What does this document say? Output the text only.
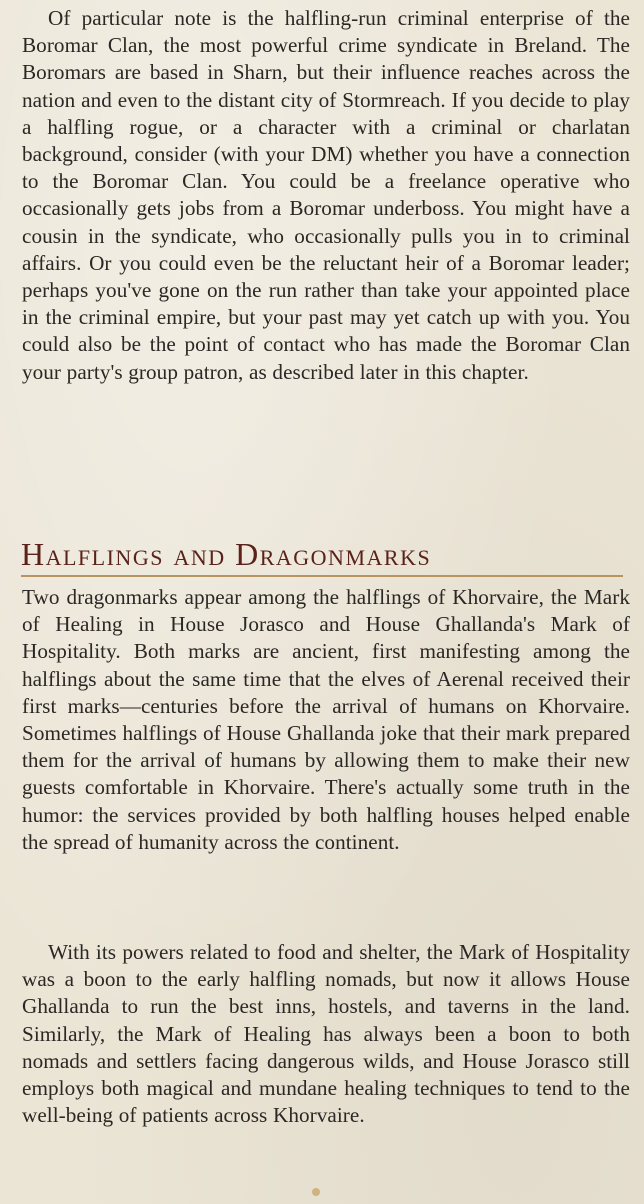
Of particular note is the halfling-run criminal enterprise of the Boromar Clan, the most powerful crime syndicate in Breland. The Boromars are based in Sharn, but their influence reaches across the nation and even to the distant city of Stormreach. If you decide to play a halfling rogue, or a character with a criminal or charlatan background, consider (with your DM) whether you have a connection to the Boromar Clan. You could be a freelance operative who occasionally gets jobs from a Boromar underboss. You might have a cousin in the syndicate, who occasionally pulls you in to criminal affairs. Or you could even be the reluctant heir of a Boromar leader; perhaps you've gone on the run rather than take your appointed place in the criminal empire, but your past may yet catch up with you. You could also be the point of contact who has made the Boromar Clan your party's group patron, as described later in this chapter.

Halflings and Dragonmarks

Two dragonmarks appear among the halflings of Khorvaire, the Mark of Healing in House Jorasco and House Ghallanda's Mark of Hospitality. Both marks are ancient, first manifesting among the halflings about the same time that the elves of Aerenal received their first marks—centuries before the arrival of humans on Khorvaire. Sometimes halflings of House Ghallanda joke that their mark prepared them for the arrival of humans by allowing them to make their new guests comfortable in Khorvaire. There's actually some truth in the humor: the services provided by both halfling houses helped enable the spread of humanity across the continent.

With its powers related to food and shelter, the Mark of Hospitality was a boon to the early halfling nomads, but now it allows House Ghallanda to run the best inns, hostels, and taverns in the land. Similarly, the Mark of Healing has always been a boon to both nomads and settlers facing dangerous wilds, and House Jorasco still employs both magical and mundane healing techniques to tend to the well-being of patients across Khorvaire.
